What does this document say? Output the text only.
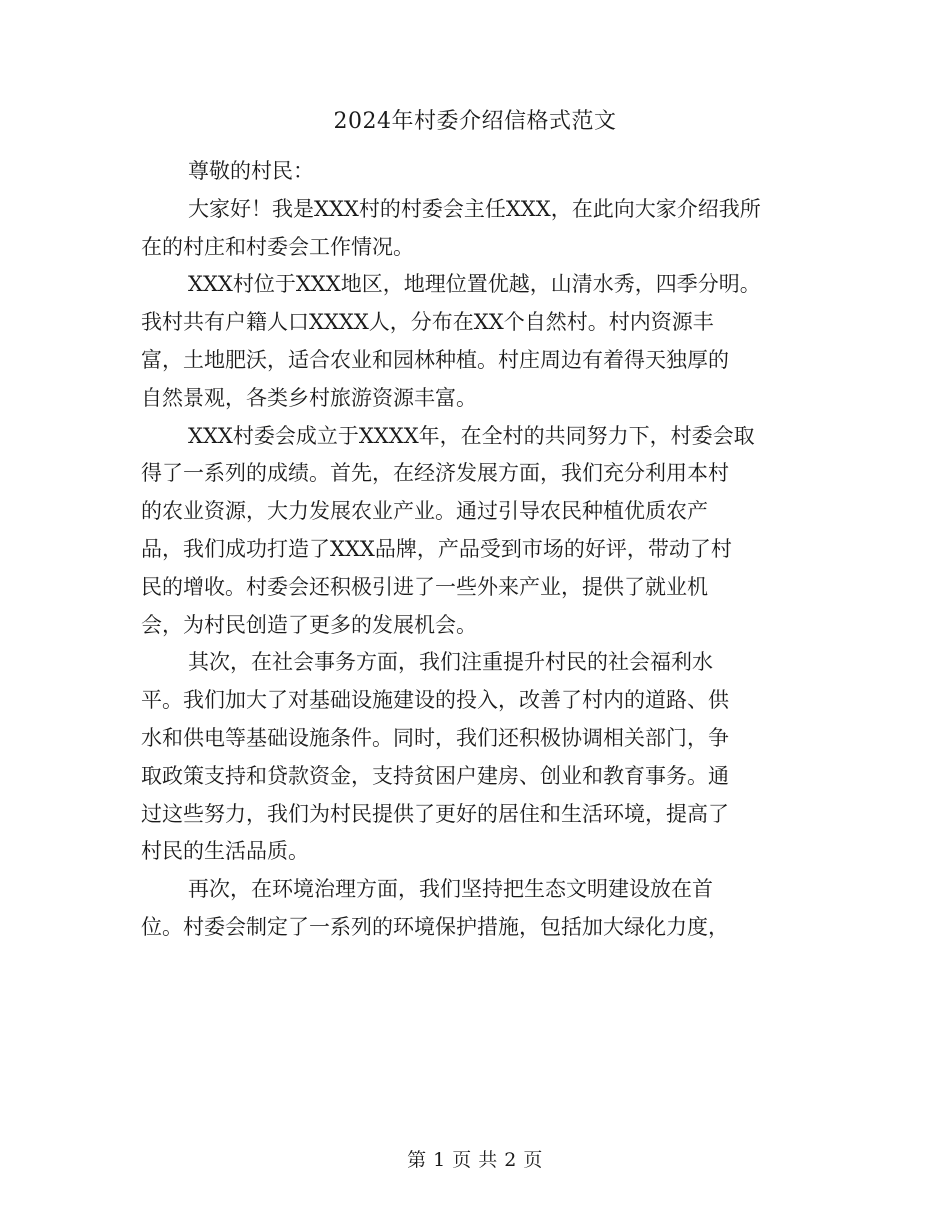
2024年村委介绍信格式范文
尊敬的村民：
大家好！我是XXX村的村委会主任XXX，在此向大家介绍我所
在的村庄和村委会工作情况。
XXX村位于XXX地区，地理位置优越，山清水秀，四季分明。
我村共有户籍人口XXXX人，分布在XX个自然村。村内资源丰
富，土地肥沃，适合农业和园林种植。村庄周边有着得天独厚的
自然景观，各类乡村旅游资源丰富。
XXX村委会成立于XXXX年，在全村的共同努力下，村委会取
得了一系列的成绩。首先，在经济发展方面，我们充分利用本村
的农业资源，大力发展农业产业。通过引导农民种植优质农产
品，我们成功打造了XXX品牌，产品受到市场的好评，带动了村
民的增收。村委会还积极引进了一些外来产业，提供了就业机
会，为村民创造了更多的发展机会。
其次，在社会事务方面，我们注重提升村民的社会福利水
平。我们加大了对基础设施建设的投入，改善了村内的道路、供
水和供电等基础设施条件。同时，我们还积极协调相关部门，争
取政策支持和贷款资金，支持贫困户建房、创业和教育事务。通
过这些努力，我们为村民提供了更好的居住和生活环境，提高了
村民的生活品质。
再次，在环境治理方面，我们坚持把生态文明建设放在首
位。村委会制定了一系列的环境保护措施，包括加大绿化力度，
第 1 页 共 2 页
